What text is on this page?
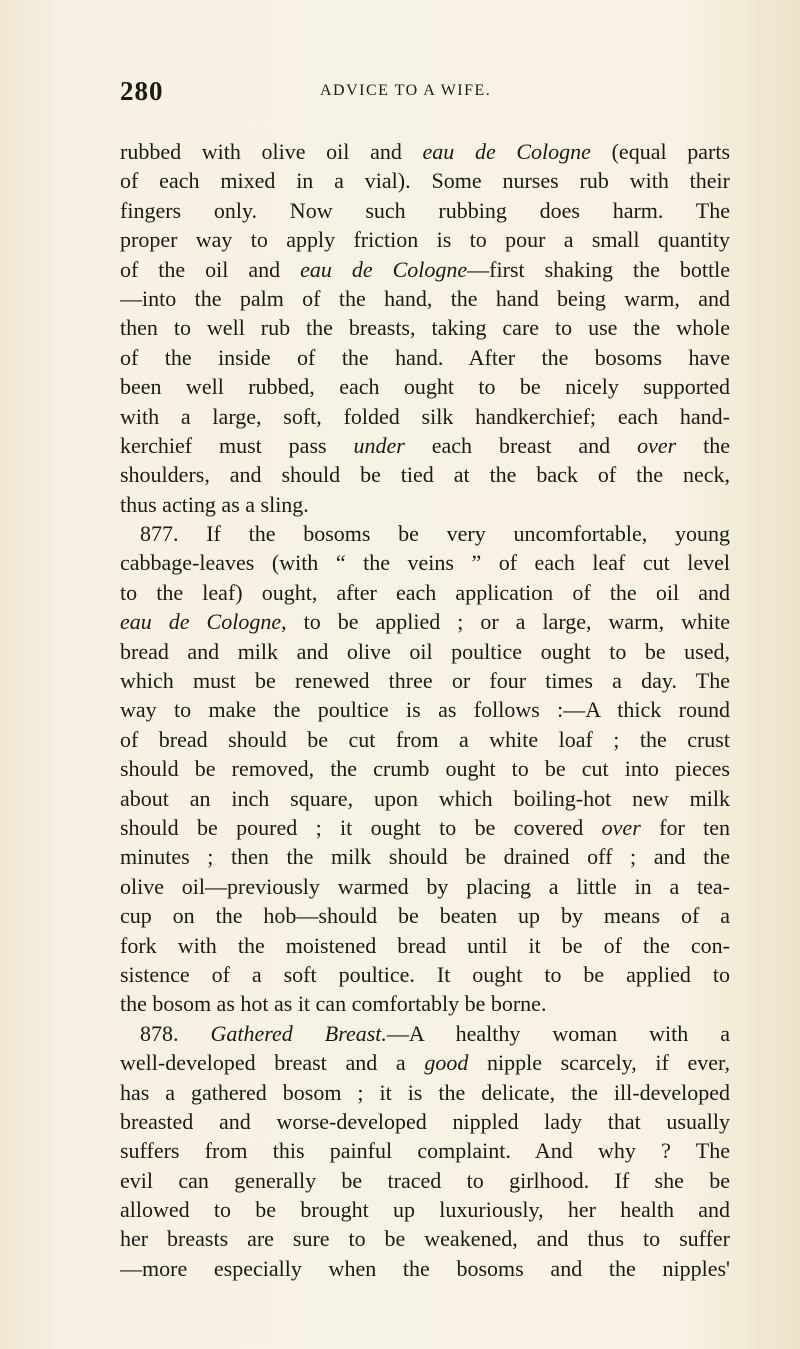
280	ADVICE TO A WIFE.
rubbed with olive oil and eau de Cologne (equal parts
of each mixed in a vial). Some nurses rub with their
fingers only. Now such rubbing does harm. The
proper way to apply friction is to pour a small quantity
of the oil and eau de Cologne—first shaking the bottle
—into the palm of the hand, the hand being warm, and
then to well rub the breasts, taking care to use the whole
of the inside of the hand. After the bosoms have
been well rubbed, each ought to be nicely supported
with a large, soft, folded silk handkerchief; each hand-
kerchief must pass under each breast and over the
shoulders, and should be tied at the back of the neck,
thus acting as a sling.
877. If the bosoms be very uncomfortable, young
cabbage-leaves (with “ the veins ” of each leaf cut level
to the leaf) ought, after each application of the oil and
eau de Cologne, to be applied ; or a large, warm, white
bread and milk and olive oil poultice ought to be used,
which must be renewed three or four times a day. The
way to make the poultice is as follows :—A thick round
of bread should be cut from a white loaf ; the crust
should be removed, the crumb ought to be cut into pieces
about an inch square, upon which boiling-hot new milk
should be poured ; it ought to be covered over for ten
minutes ; then the milk should be drained off ; and the
olive oil—previously warmed by placing a little in a tea-
cup on the hob—should be beaten up by means of a
fork with the moistened bread until it be of the con-
sistence of a soft poultice. It ought to be applied to
the bosom as hot as it can comfortably be borne.
878. Gathered Breast.—A healthy woman with a
well-developed breast and a good nipple scarcely, if ever,
has a gathered bosom ; it is the delicate, the ill-developed
breasted and worse-developed nippled lady that usually
suffers from this painful complaint. And why ? The
evil can generally be traced to girlhood. If she be
allowed to be brought up luxuriously, her health and
her breasts are sure to be weakened, and thus to suffer
—more especially when the bosoms and the nipples'
